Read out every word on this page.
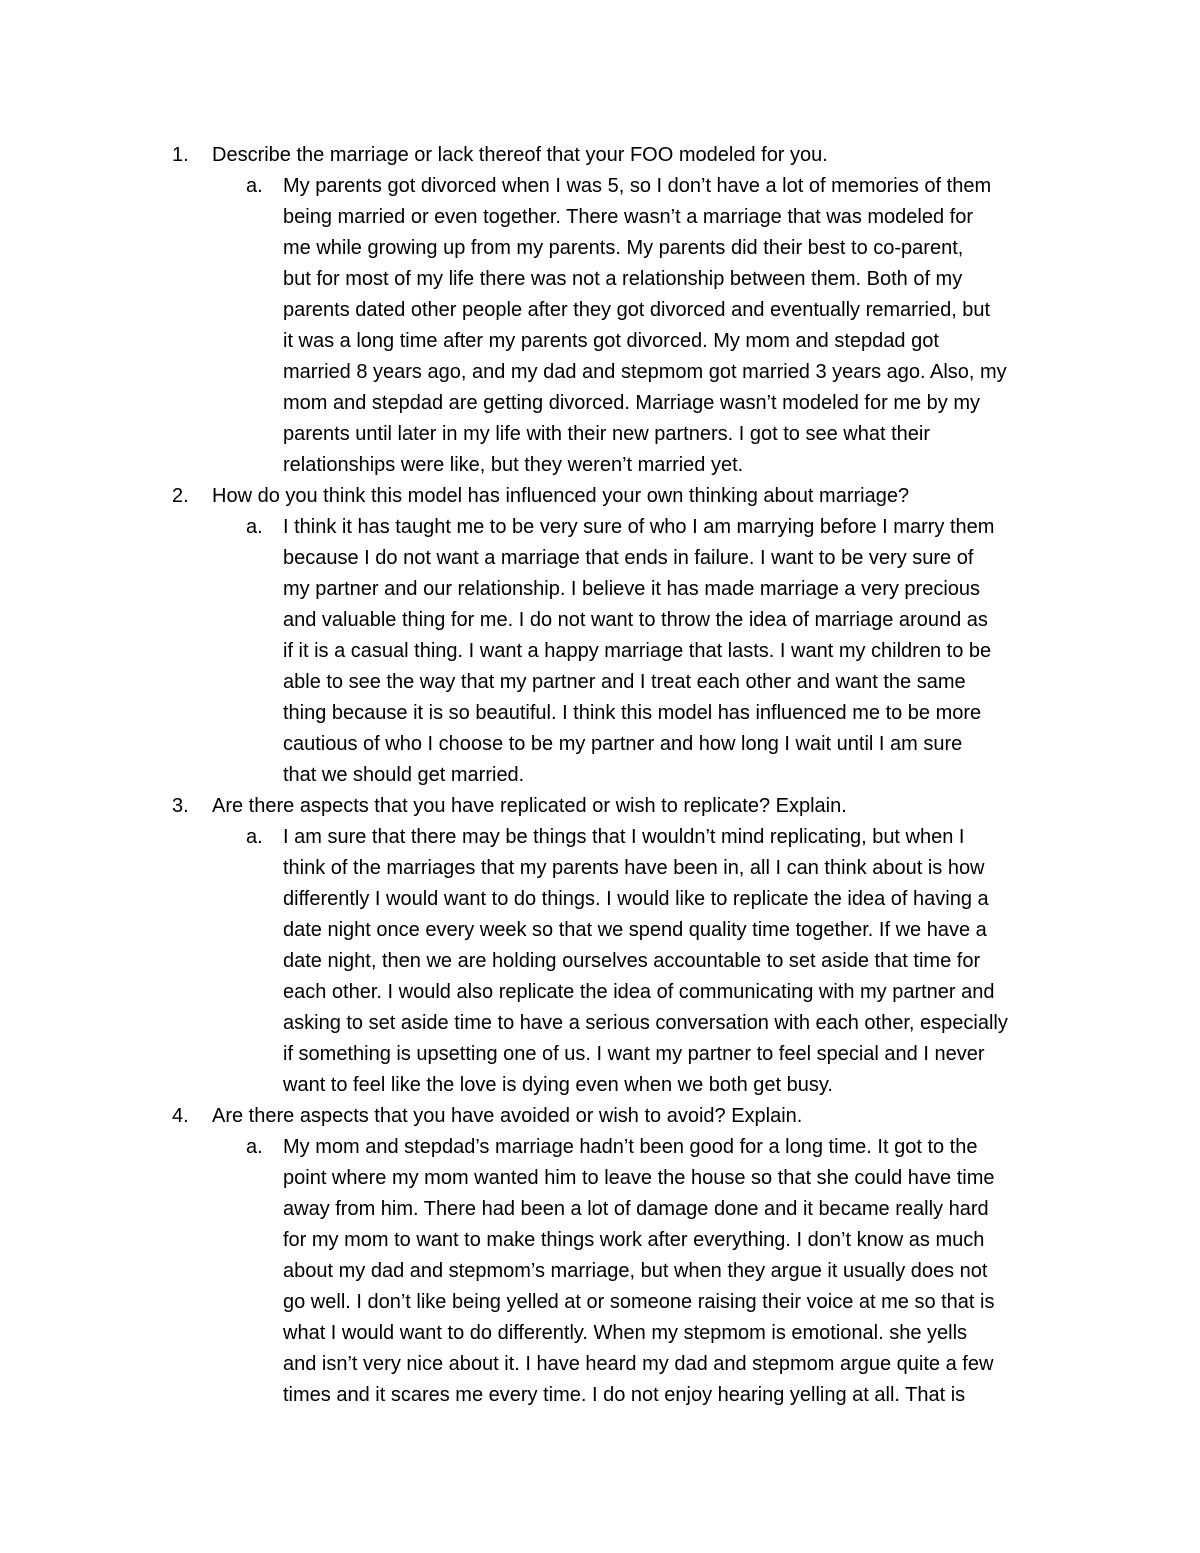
1.	Describe the marriage or lack thereof that your FOO modeled for you.
a.	My parents got divorced when I was 5, so I don’t have a lot of memories of them
being married or even together. There wasn’t a marriage that was modeled for
me while growing up from my parents. My parents did their best to co-parent,
but for most of my life there was not a relationship between them. Both of my
parents dated other people after they got divorced and eventually remarried, but
it was a long time after my parents got divorced. My mom and stepdad got
married 8 years ago, and my dad and stepmom got married 3 years ago. Also, my
mom and stepdad are getting divorced. Marriage wasn’t modeled for me by my
parents until later in my life with their new partners. I got to see what their
relationships were like, but they weren’t married yet.
2.	How do you think this model has influenced your own thinking about marriage?
a.	I think it has taught me to be very sure of who I am marrying before I marry them
because I do not want a marriage that ends in failure. I want to be very sure of
my partner and our relationship. I believe it has made marriage a very precious
and valuable thing for me. I do not want to throw the idea of marriage around as
if it is a casual thing. I want a happy marriage that lasts. I want my children to be
able to see the way that my partner and I treat each other and want the same
thing because it is so beautiful. I think this model has influenced me to be more
cautious of who I choose to be my partner and how long I wait until I am sure
that we should get married.
3.	Are there aspects that you have replicated or wish to replicate? Explain.
a.	I am sure that there may be things that I wouldn’t mind replicating, but when I
think of the marriages that my parents have been in, all I can think about is how
differently I would want to do things. I would like to replicate the idea of having a
date night once every week so that we spend quality time together. If we have a
date night, then we are holding ourselves accountable to set aside that time for
each other. I would also replicate the idea of communicating with my partner and
asking to set aside time to have a serious conversation with each other, especially
if something is upsetting one of us. I want my partner to feel special and I never
want to feel like the love is dying even when we both get busy.
4.	Are there aspects that you have avoided or wish to avoid? Explain.
a.	My mom and stepdad’s marriage hadn’t been good for a long time. It got to the
point where my mom wanted him to leave the house so that she could have time
away from him. There had been a lot of damage done and it became really hard
for my mom to want to make things work after everything. I don’t know as much
about my dad and stepmom’s marriage, but when they argue it usually does not
go well. I don’t like being yelled at or someone raising their voice at me so that is
what I would want to do differently. When my stepmom is emotional. she yells
and isn’t very nice about it. I have heard my dad and stepmom argue quite a few
times and it scares me every time. I do not enjoy hearing yelling at all. That is
